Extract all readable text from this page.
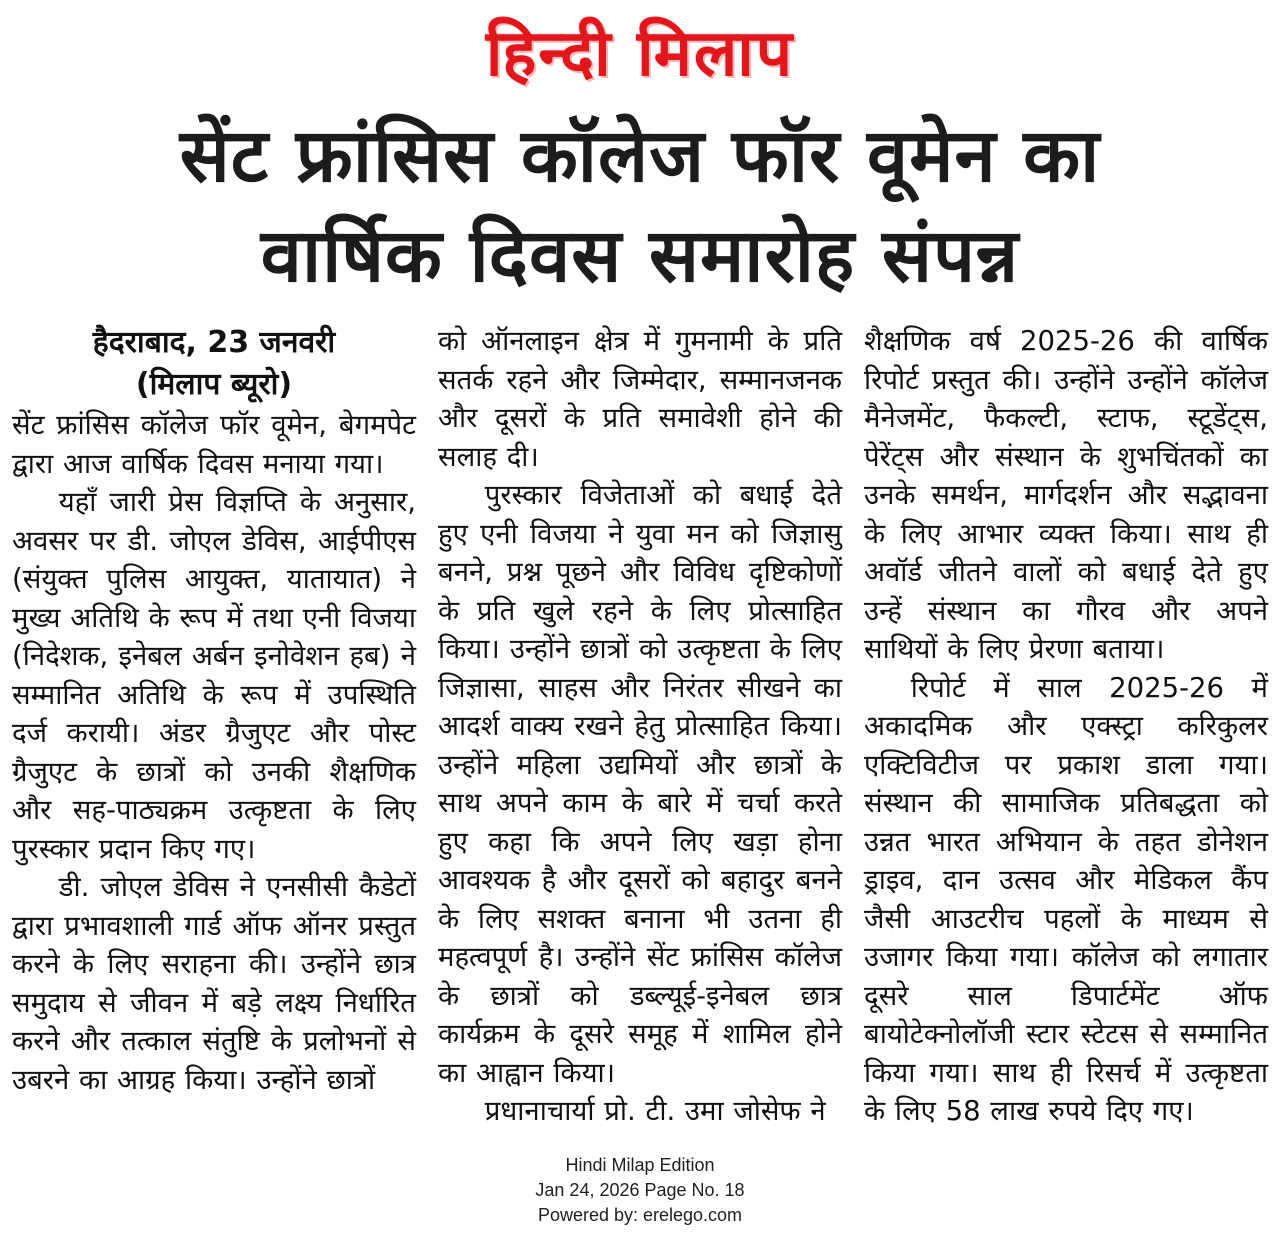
हिन्दी मिलाप
सेंट फ्रांसिस कॉलेज फॉर वूमेन का
वार्षिक दिवस समारोह संपन्न
हैदराबाद, 23 जनवरी
(मिलाप ब्यूरो)

सेंट फ्रांसिस कॉलेज फॉर वूमेन, बेगमपेट द्वारा आज वार्षिक दिवस मनाया गया।

यहाँ जारी प्रेस विज्ञप्ति के अनुसार, अवसर पर डी. जोएल डेविस, आईपीएस (संयुक्त पुलिस आयुक्त, यातायात) ने मुख्य अतिथि के रूप में तथा एनी विजया (निदेशक, इनेबल अर्बन इनोवेशन हब) ने सम्मानित अतिथि के रूप में उपस्थिति दर्ज करायी। अंडर ग्रैजुएट और पोस्ट ग्रैजुएट के छात्रों को उनकी शैक्षणिक और सह-पाठ्यक्रम उत्कृष्टता के लिए पुरस्कार प्रदान किए गए।

डी. जोएल डेविस ने एनसीसी कैडेटों द्वारा प्रभावशाली गार्ड ऑफ ऑनर प्रस्तुत करने के लिए सराहना की। उन्होंने छात्र समुदाय से जीवन में बड़े लक्ष्य निर्धारित करने और तत्काल संतुष्टि के प्रलोभनों से उबरने का आग्रह किया। उन्होंने छात्रों

को ऑनलाइन क्षेत्र में गुमनामी के प्रति सतर्क रहने और जिम्मेदार, सम्मानजनक और दूसरों के प्रति समावेशी होने की सलाह दी।

पुरस्कार विजेताओं को बधाई देते हुए एनी विजया ने युवा मन को जिज्ञासु बनने, प्रश्न पूछने और विविध दृष्टिकोणों के प्रति खुले रहने के लिए प्रोत्साहित किया। उन्होंने छात्रों को उत्कृष्टता के लिए जिज्ञासा, साहस और निरंतर सीखने का आदर्श वाक्य रखने हेतु प्रोत्साहित किया। उन्होंने महिला उद्यमियों और छात्रों के साथ अपने काम के बारे में चर्चा करते हुए कहा कि अपने लिए खड़ा होना आवश्यक है और दूसरों को बहादुर बनने के लिए सशक्त बनाना भी उतना ही महत्वपूर्ण है। उन्होंने सेंट फ्रांसिस कॉलेज के छात्रों को डब्ल्यूई-इनेबल छात्र कार्यक्रम के दूसरे समूह में शामिल होने का आह्वान किया।

प्रधानाचार्या प्रो. टी. उमा जोसेफ ने

शैक्षणिक वर्ष 2025-26 की वार्षिक रिपोर्ट प्रस्तुत की। उन्होंने उन्होंने कॉलेज मैनेजमेंट, फैकल्टी, स्टाफ, स्टूडेंट्स, पेरेंट्स और संस्थान के शुभचिंतकों का उनके समर्थन, मार्गदर्शन और सद्भावना के लिए आभार व्यक्त किया। साथ ही अवॉर्ड जीतने वालों को बधाई देते हुए उन्हें संस्थान का गौरव और अपने साथियों के लिए प्रेरणा बताया।

रिपोर्ट में साल 2025-26 में अकादमिक और एक्स्ट्रा करिकुलर एक्टिविटीज पर प्रकाश डाला गया। संस्थान की सामाजिक प्रतिबद्धता को उन्नत भारत अभियान के तहत डोनेशन ड्राइव, दान उत्सव और मेडिकल कैंप जैसी आउटरीच पहलों के माध्यम से उजागर किया गया। कॉलेज को लगातार दूसरे साल डिपार्टमेंट ऑफ बायोटेक्नोलॉजी स्टार स्टेटस से सम्मानित किया गया। साथ ही रिसर्च में उत्कृष्टता के लिए 58 लाख रुपये दिए गए।

Hindi Milap Edition
Jan 24, 2026 Page No. 18
Powered by: erelego.com
